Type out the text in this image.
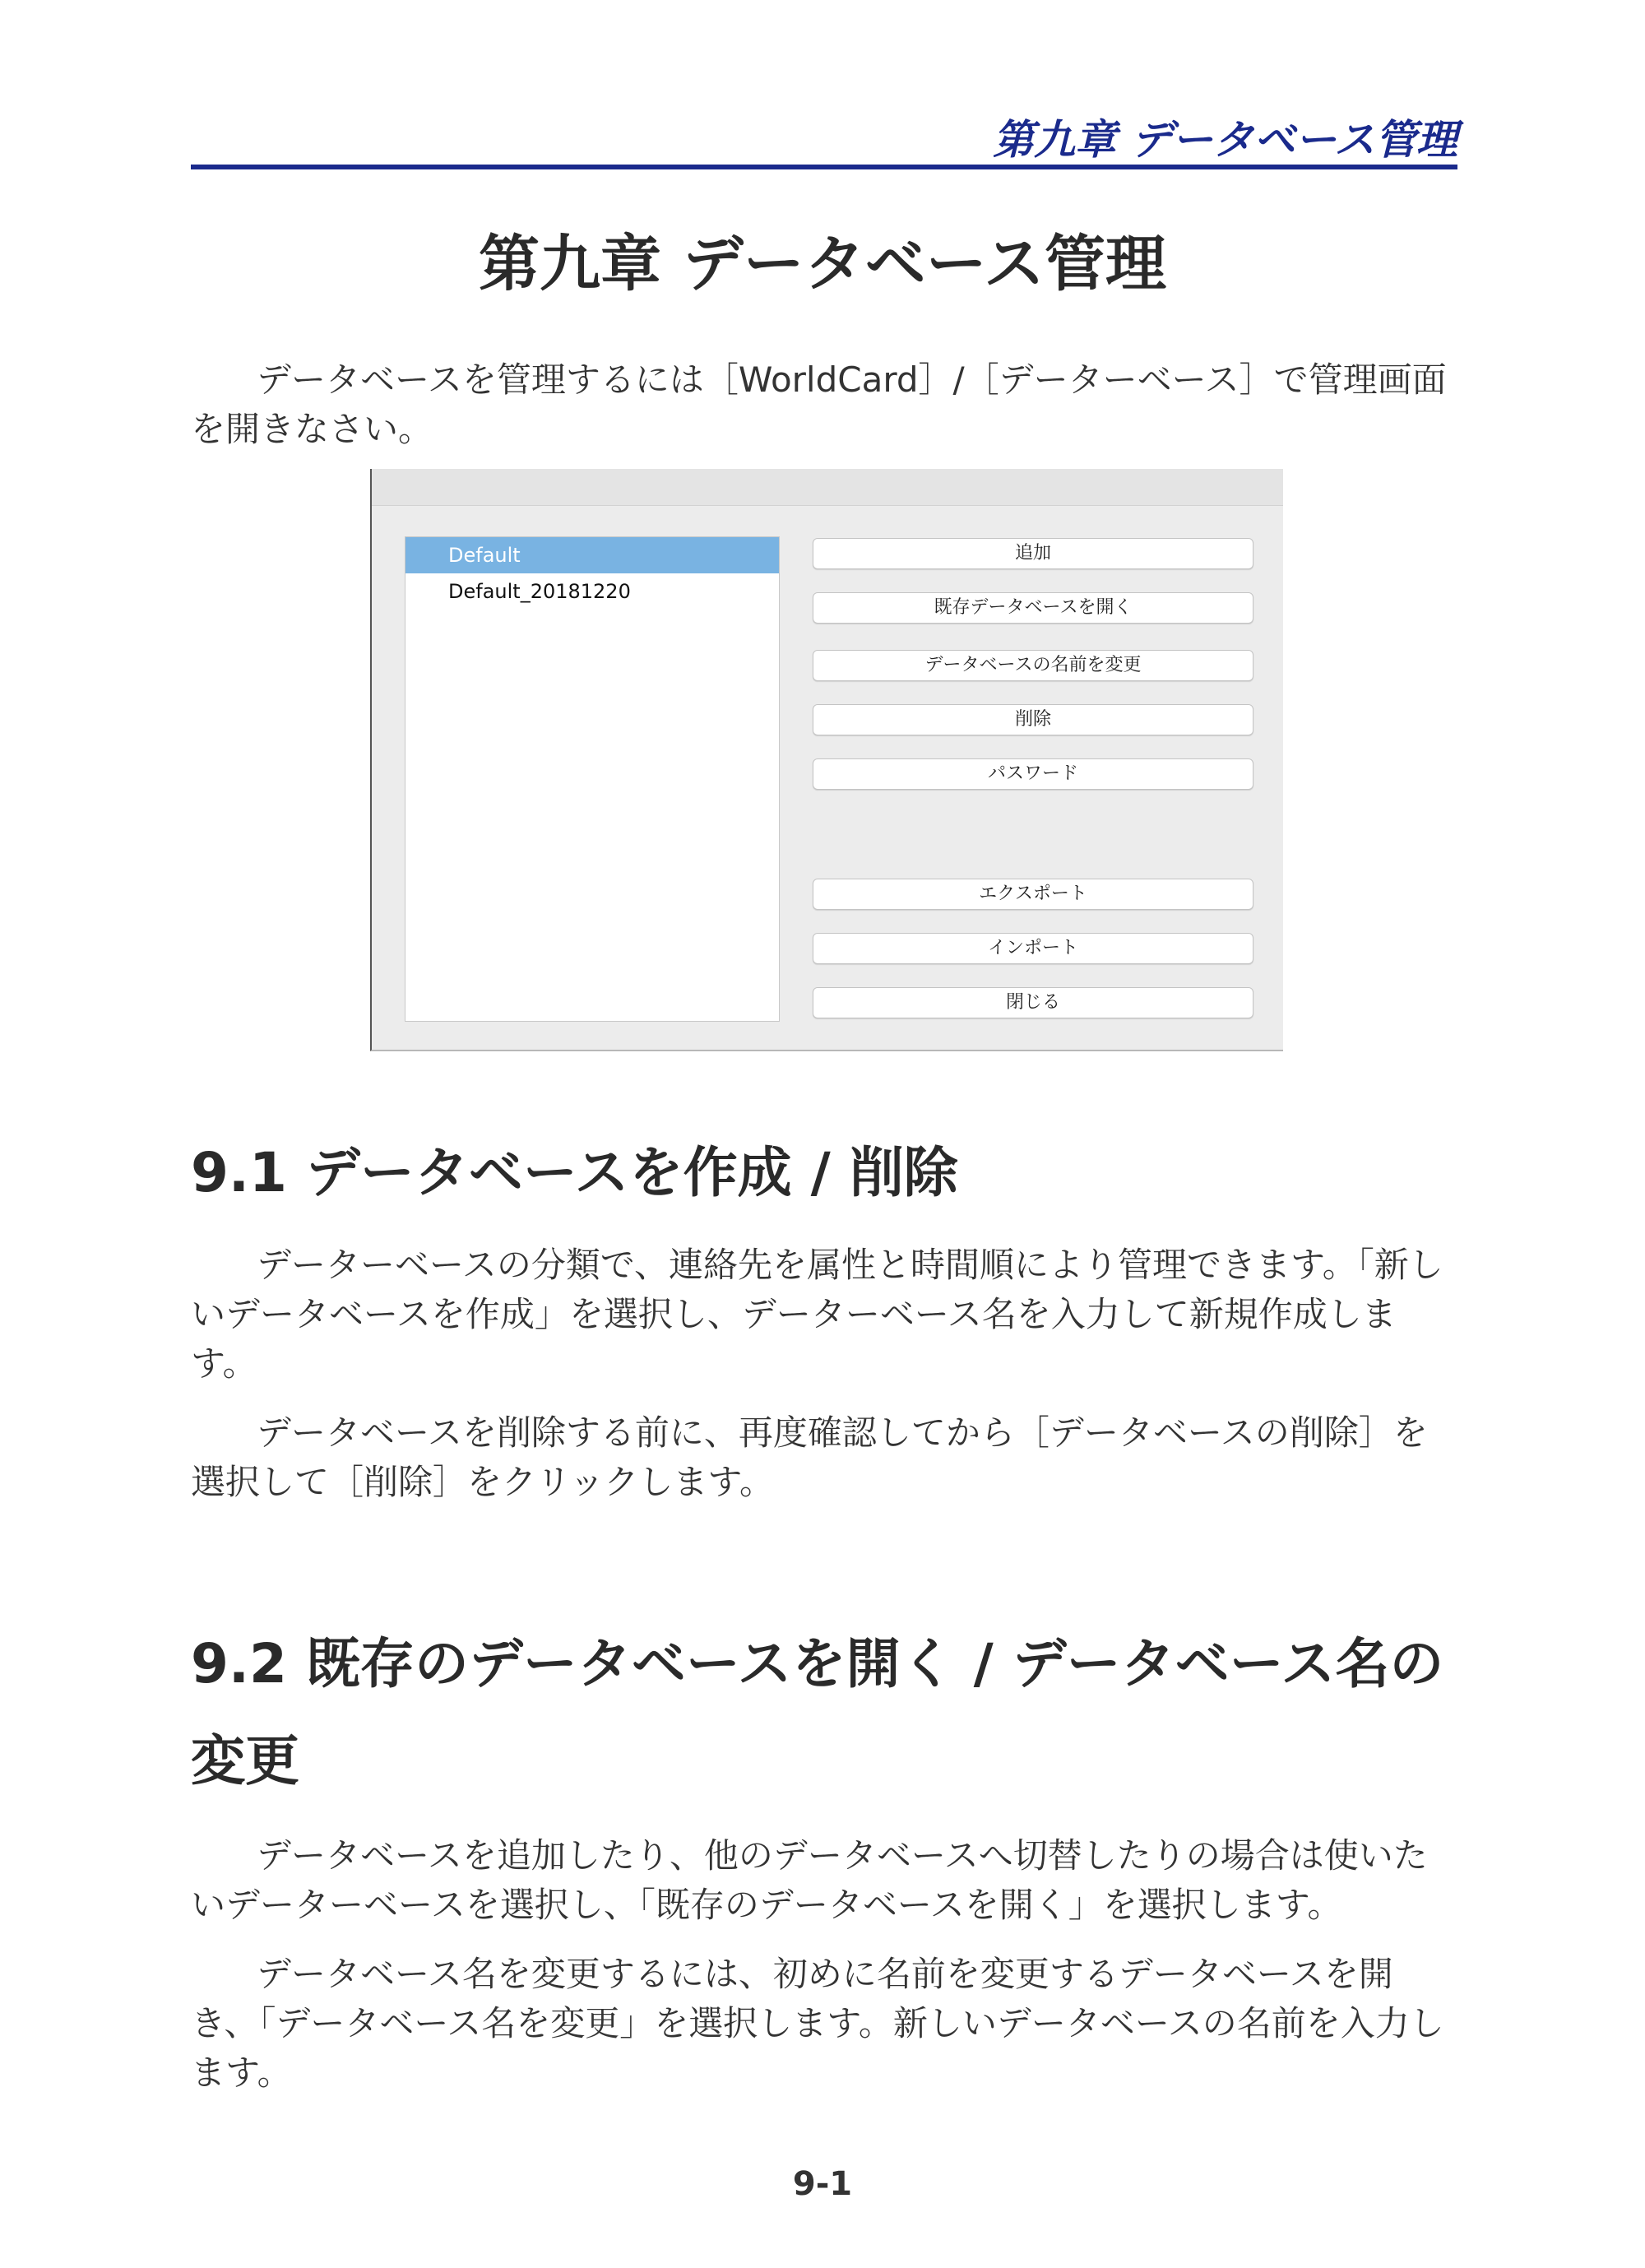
第九章 データベース管理
第九章 データベース管理

データベースを管理するには［WorldCard］/［データーベース］で管理画面を開きなさい。

Default
Default_20181220
追加
既存データベースを開く
データベースの名前を変更
削除
パスワード
エクスポート
インポート
閉じる
9.1 データベースを作成 / 削除

データーベースの分類で、連絡先を属性と時間順により管理できます。「新しいデータベースを作成」を選択し、データーベース名を入力して新規作成します。

データベースを削除する前に、再度確認してから［データベースの削除］を選択して［削除］をクリックします。

9.2 既存のデータベースを開く / データベース名の変更

データベースを追加したり、他のデータベースへ切替したりの場合は使いたいデーターベースを選択し、「既存のデータベースを開く」を選択します。

データベース名を変更するには、初めに名前を変更するデータベースを開き、「データベース名を変更」を選択します。新しいデータベースの名前を入力します。

9-1
